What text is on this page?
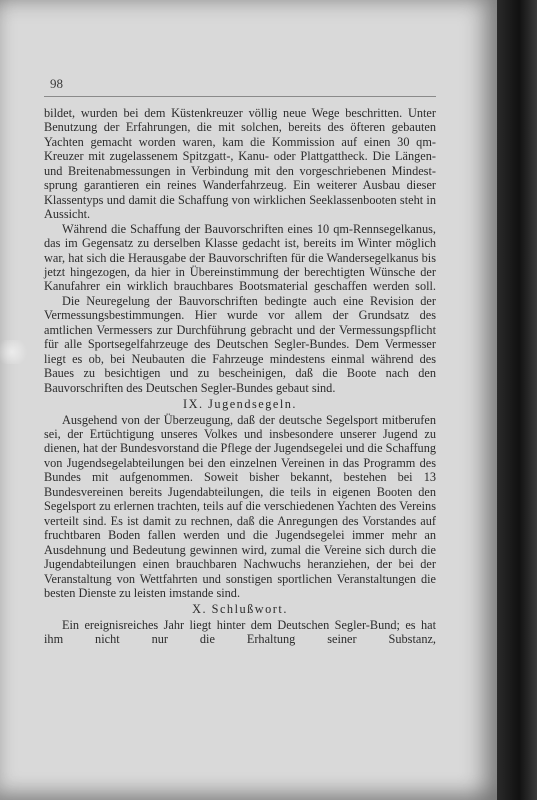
98

bildet, wurden bei dem Küstenkreuzer völlig neue Wege beschritten. Unter Benutzung der Erfahrungen, die mit solchen, bereits des öfteren gebauten Yachten gemacht worden waren, kam die Kommission auf einen 30 qm-Kreuzer mit zugelassenem Spitzgatt-, Kanu- oder Plattgattheck. Die Längen- und Breitenabmessungen in Verbindung mit den vorgeschriebenen Mindestsprung garantieren ein reines Wanderfahrzeug. Ein weiterer Ausbau dieser Klassentyps und damit die Schaffung von wirklichen Seeklassenbooten steht in Aussicht.

Während die Schaffung der Bauvorschriften eines 10 qm-Rennsegelkanus, das im Gegensatz zu derselben Klasse gedacht ist, bereits im Winter möglich war, hat sich die Herausgabe der Bauvorschriften für die Wandersegelkanus bis jetzt hingezogen, da hier in Übereinstimmung der berechtigten Wünsche der Kanufahrer ein wirklich brauchbares Bootsmaterial geschaffen werden soll.

Die Neuregelung der Bauvorschriften bedingte auch eine Revision der Vermessungsbestimmungen. Hier wurde vor allem der Grundsatz des amtlichen Vermessers zur Durchführung gebracht und der Vermessungspflicht für alle Sportsegelfahrzeuge des Deutschen Segler-Bundes. Dem Vermesser liegt es ob, bei Neubauten die Fahrzeuge mindestens einmal während des Baues zu besichtigen und zu bescheinigen, daß die Boote nach den Bauvorschriften des Deutschen Segler-Bundes gebaut sind.

IX. Jugendsegeln.

Ausgehend von der Überzeugung, daß der deutsche Segelsport mitberufen sei, der Ertüchtigung unseres Volkes und insbesondere unserer Jugend zu dienen, hat der Bundesvorstand die Pflege der Jugendsegelei und die Schaffung von Jugendsegelabteilungen bei den einzelnen Vereinen in das Programm des Bundes mit aufgenommen. Soweit bisher bekannt, bestehen bei 13 Bundesvereinen bereits Jugendabteilungen, die teils in eigenen Booten den Segelsport zu erlernen trachten, teils auf die verschiedenen Yachten des Vereins verteilt sind. Es ist damit zu rechnen, daß die Anregungen des Vorstandes auf fruchtbaren Boden fallen werden und die Jugendsegelei immer mehr an Ausdehnung und Bedeutung gewinnen wird, zumal die Vereine sich durch die Jugendabteilungen einen brauchbaren Nachwuchs heranziehen, der bei der Veranstaltung von Wettfahrten und sonstigen sportlichen Veranstaltungen die besten Dienste zu leisten imstande sind.

X. Schlußwort.

Ein ereignisreiches Jahr liegt hinter dem Deutschen Segler-Bund; es hat ihm nicht nur die Erhaltung seiner Substanz,
